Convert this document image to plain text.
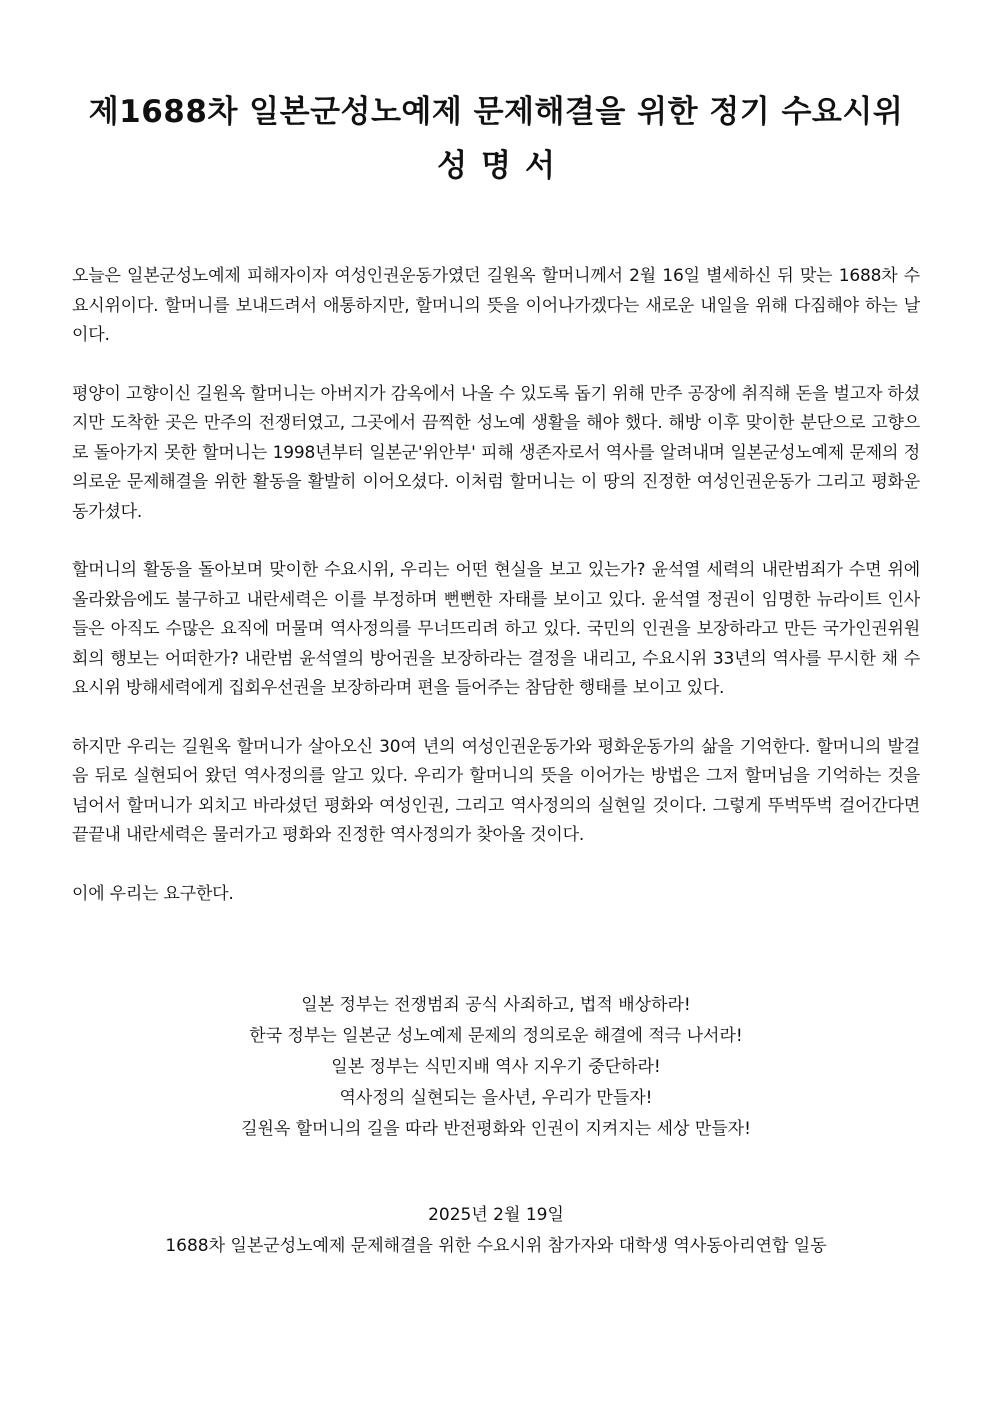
제1688차 일본군성노예제 문제해결을 위한 정기 수요시위
성명서

오늘은 일본군성노예제 피해자이자 여성인권운동가였던 길원옥 할머니께서 2월 16일 별세하신 뒤 맞는 1688차 수요시위이다. 할머니를 보내드려서 애통하지만, 할머니의 뜻을 이어나가겠다는 새로운 내일을 위해 다짐해야 하는 날이다.

평양이 고향이신 길원옥 할머니는 아버지가 감옥에서 나올 수 있도록 돕기 위해 만주 공장에 취직해 돈을 벌고자 하셨지만 도착한 곳은 만주의 전쟁터였고, 그곳에서 끔찍한 성노예 생활을 해야 했다. 해방 이후 맞이한 분단으로 고향으로 돌아가지 못한 할머니는 1998년부터 일본군'위안부' 피해 생존자로서 역사를 알려내며 일본군성노예제 문제의 정의로운 문제해결을 위한 활동을 활발히 이어오셨다. 이처럼 할머니는 이 땅의 진정한 여성인권운동가 그리고 평화운동가셨다.

할머니의 활동을 돌아보며 맞이한 수요시위, 우리는 어떤 현실을 보고 있는가? 윤석열 세력의 내란범죄가 수면 위에 올라왔음에도 불구하고 내란세력은 이를 부정하며 뻔뻔한 자태를 보이고 있다. 윤석열 정권이 임명한 뉴라이트 인사들은 아직도 수많은 요직에 머물며 역사정의를 무너뜨리려 하고 있다. 국민의 인권을 보장하라고 만든 국가인권위원회의 행보는 어떠한가? 내란범 윤석열의 방어권을 보장하라는 결정을 내리고, 수요시위 33년의 역사를 무시한 채 수요시위 방해세력에게 집회우선권을 보장하라며 편을 들어주는 참담한 행태를 보이고 있다.

하지만 우리는 길원옥 할머니가 살아오신 30여 년의 여성인권운동가와 평화운동가의 삶을 기억한다. 할머니의 발걸음 뒤로 실현되어 왔던 역사정의를 알고 있다. 우리가 할머니의 뜻을 이어가는 방법은 그저 할머님을 기억하는 것을 넘어서 할머니가 외치고 바라셨던 평화와 여성인권, 그리고 역사정의의 실현일 것이다. 그렇게 뚜벅뚜벅 걸어간다면 끝끝내 내란세력은 물러가고 평화와 진정한 역사정의가 찾아올 것이다.

이에 우리는 요구한다.

일본 정부는 전쟁범죄 공식 사죄하고, 법적 배상하라!
한국 정부는 일본군 성노예제 문제의 정의로운 해결에 적극 나서라!
일본 정부는 식민지배 역사 지우기 중단하라!
역사정의 실현되는 을사년, 우리가 만들자!
길원옥 할머니의 길을 따라 반전평화와 인권이 지켜지는 세상 만들자!
2025년 2월 19일
1688차 일본군성노예제 문제해결을 위한 수요시위 참가자와 대학생 역사동아리연합 일동
